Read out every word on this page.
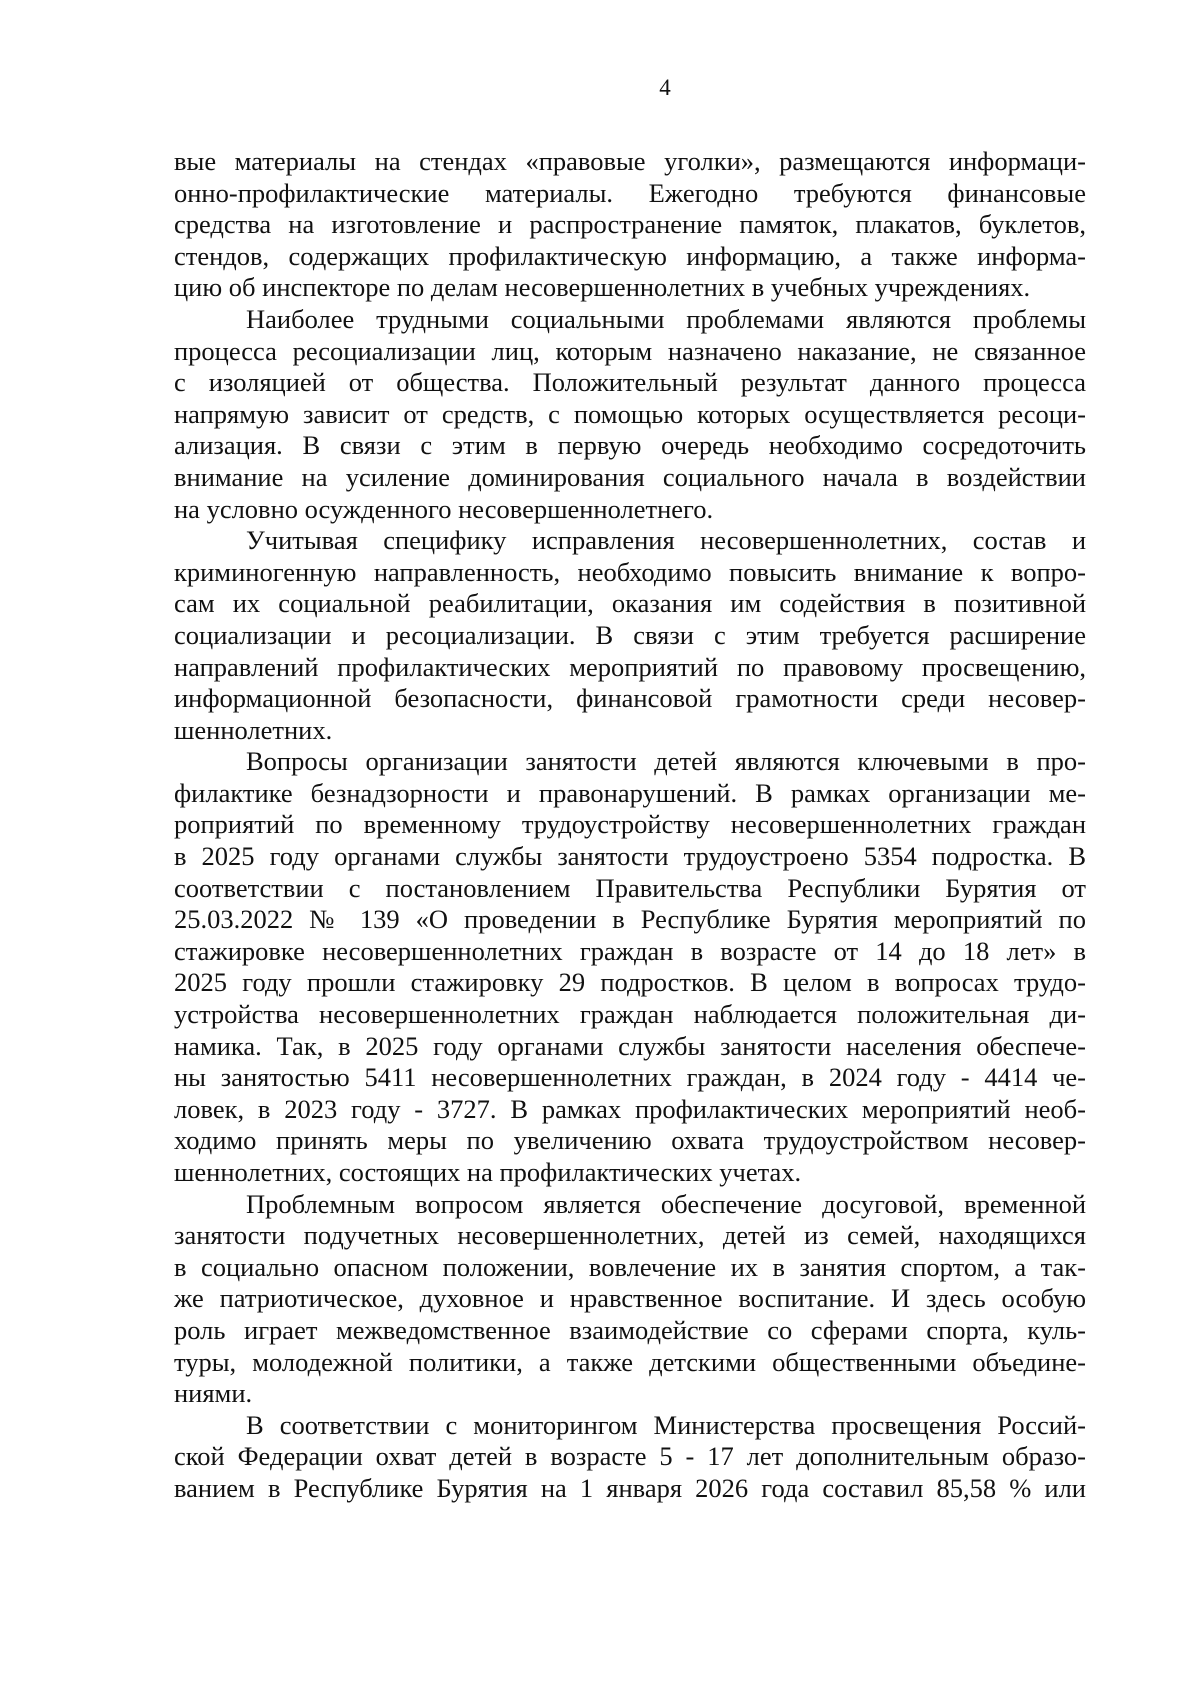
4
вые материалы на стендах «правовые уголки», размещаются информаци-
онно-профилактические материалы. Ежегодно требуются финансовые
средства на изготовление и распространение памяток, плакатов, буклетов,
стендов, содержащих профилактическую информацию, а также информа-
цию об инспекторе по делам несовершеннолетних в учебных учреждениях.
Наиболее трудными социальными проблемами являются проблемы
процесса ресоциализации лиц, которым назначено наказание, не связанное
с изоляцией от общества. Положительный результат данного процесса
напрямую зависит от средств, с помощью которых осуществляется ресоци-
ализация. В связи с этим в первую очередь необходимо сосредоточить
внимание на усиление доминирования социального начала в воздействии
на условно осужденного несовершеннолетнего.
Учитывая специфику исправления несовершеннолетних, состав и
криминогенную направленность, необходимо повысить внимание к вопро-
сам их социальной реабилитации, оказания им содействия в позитивной
социализации и ресоциализации. В связи с этим требуется расширение
направлений профилактических мероприятий по правовому просвещению,
информационной безопасности, финансовой грамотности среди несовер-
шеннолетних.
Вопросы организации занятости детей являются ключевыми в про-
филактике безнадзорности и правонарушений. В рамках организации ме-
роприятий по временному трудоустройству несовершеннолетних граждан
в 2025 году органами службы занятости трудоустроено 5354 подростка. В
соответствии с постановлением Правительства Республики Бурятия от
25.03.2022 № 139 «О проведении в Республике Бурятия мероприятий по
стажировке несовершеннолетних граждан в возрасте от 14 до 18 лет» в
2025 году прошли стажировку 29 подростков. В целом в вопросах трудо-
устройства несовершеннолетних граждан наблюдается положительная ди-
намика. Так, в 2025 году органами службы занятости населения обеспече-
ны занятостью 5411 несовершеннолетних граждан, в 2024 году - 4414 че-
ловек, в 2023 году - 3727. В рамках профилактических мероприятий необ-
ходимо принять меры по увеличению охвата трудоустройством несовер-
шеннолетних, состоящих на профилактических учетах.
Проблемным вопросом является обеспечение досуговой, временной
занятости подучетных несовершеннолетних, детей из семей, находящихся
в социально опасном положении, вовлечение их в занятия спортом, а так-
же патриотическое, духовное и нравственное воспитание. И здесь особую
роль играет межведомственное взаимодействие со сферами спорта, куль-
туры, молодежной политики, а также детскими общественными объедине-
ниями.
В соответствии с мониторингом Министерства просвещения Россий-
ской Федерации охват детей в возрасте 5 - 17 лет дополнительным образо-
ванием в Республике Бурятия на 1 января 2026 года составил 85,58 % или
